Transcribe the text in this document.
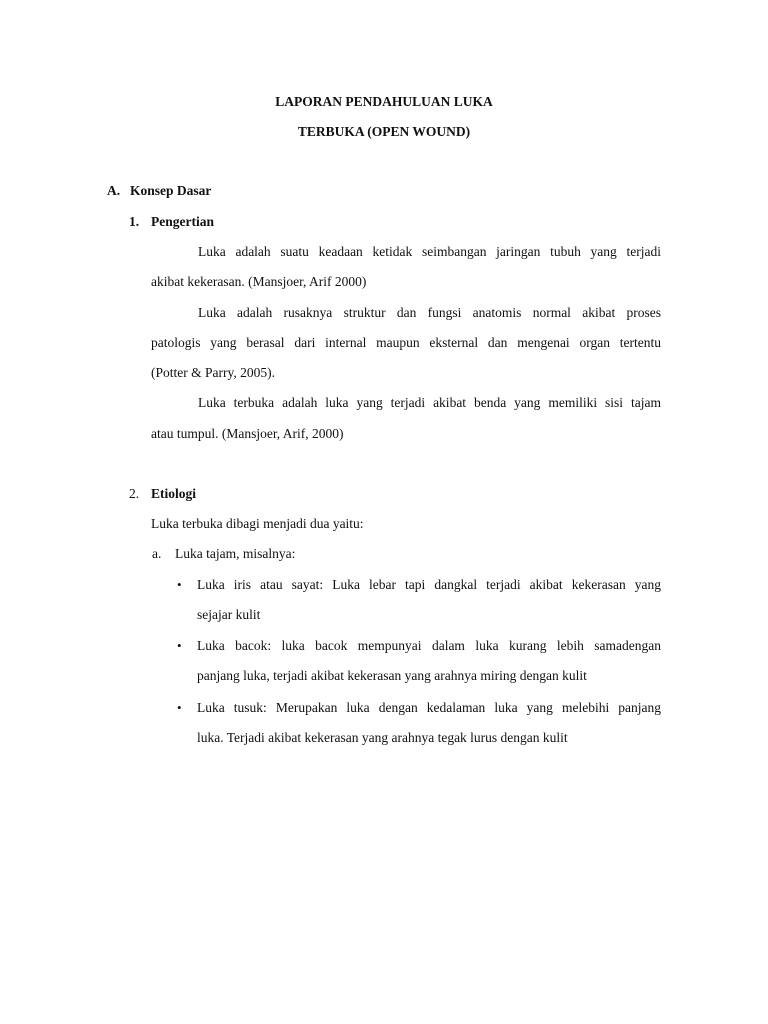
LAPORAN PENDAHULUAN LUKA
TERBUKA (OPEN WOUND)
A. Konsep Dasar
1. Pengertian
Luka adalah suatu keadaan ketidak seimbangan jaringan tubuh yang terjadi
akibat kekerasan. (Mansjoer, Arif 2000)
Luka adalah rusaknya struktur dan fungsi anatomis normal akibat proses
patologis yang berasal dari internal maupun eksternal dan mengenai organ tertentu
(Potter & Parry, 2005).
Luka terbuka adalah luka yang terjadi akibat benda yang memiliki sisi tajam
atau tumpul. (Mansjoer, Arif, 2000)
2. Etiologi
Luka terbuka dibagi menjadi dua yaitu:
a. Luka tajam, misalnya:
• Luka iris atau sayat: Luka lebar tapi dangkal terjadi akibat kekerasan yang
sejajar kulit
• Luka bacok: luka bacok mempunyai dalam luka kurang lebih samadengan
panjang luka, terjadi akibat kekerasan yang arahnya miring dengan kulit
• Luka tusuk: Merupakan luka dengan kedalaman luka yang melebihi panjang
luka. Terjadi akibat kekerasan yang arahnya tegak lurus dengan kulit
